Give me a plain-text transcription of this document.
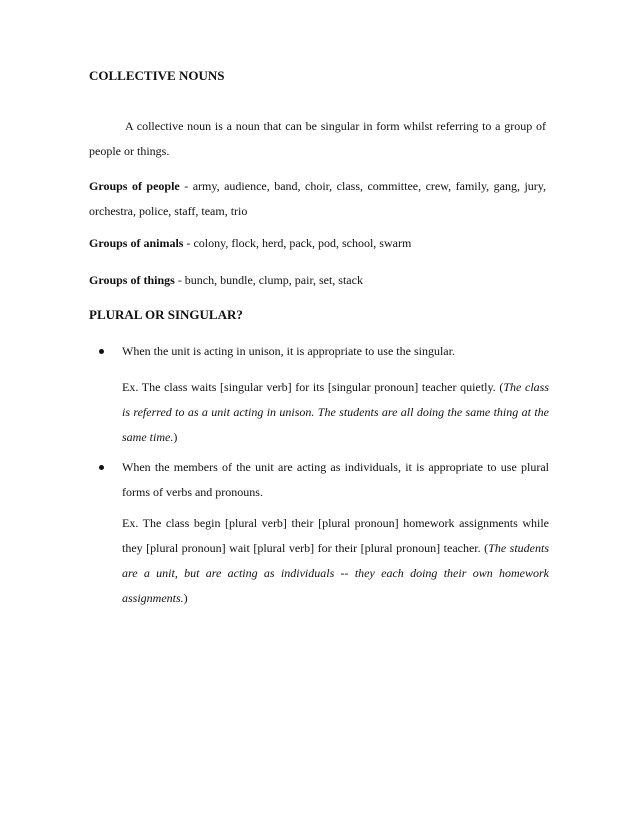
COLLECTIVE NOUNS

A collective noun is a noun that can be singular in form whilst referring to a group of people or things.

Groups of people - army, audience, band, choir, class, committee, crew, family, gang, jury, orchestra, police, staff, team, trio

Groups of animals - colony, flock, herd, pack, pod, school, swarm

Groups of things - bunch, bundle, clump, pair, set, stack

PLURAL OR SINGULAR?

When the unit is acting in unison, it is appropriate to use the singular.

Ex. The class waits [singular verb] for its [singular pronoun] teacher quietly. (The class is referred to as a unit acting in unison. The students are all doing the same thing at the same time.)

When the members of the unit are acting as individuals, it is appropriate to use plural forms of verbs and pronouns.

Ex. The class begin [plural verb] their [plural pronoun] homework assignments while they [plural pronoun] wait [plural verb] for their [plural pronoun] teacher. (The students are a unit, but are acting as individuals -- they each doing their own homework assignments.)
